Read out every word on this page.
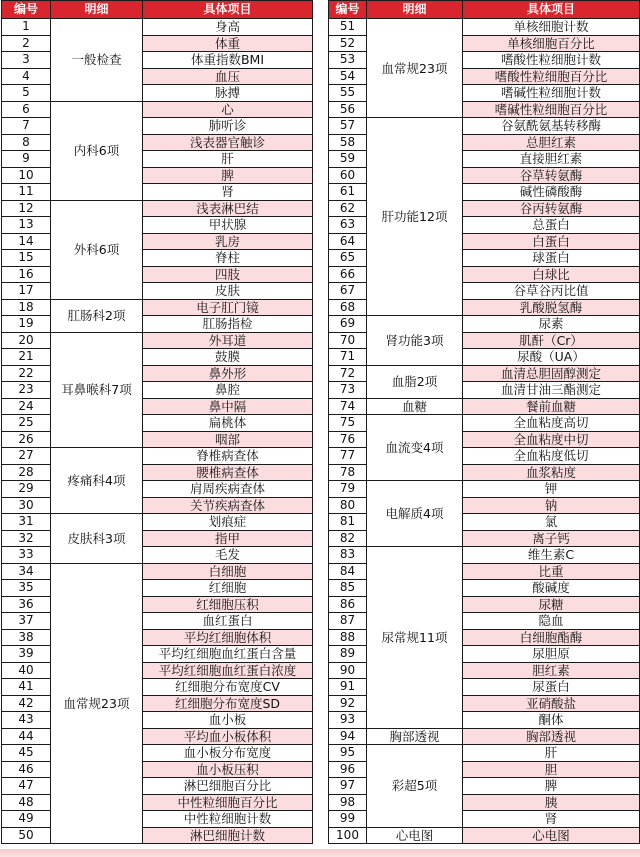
编号	明细	具体项目
1	一般检查	身高
2		体重
3		体重指数BMI
4		血压
5		脉搏
6	内科6项	心
7		肺听诊
8		浅表器官触诊
9		肝
10		脾
11		肾
12	外科6项	浅表淋巴结
13		甲状腺
14		乳房
15		脊柱
16		四肢
17		皮肤
18	肛肠科2项	电子肛门镜
19		肛肠指检
20	耳鼻喉科7项	外耳道
21		鼓膜
22		鼻外形
23		鼻腔
24		鼻中隔
25		扁桃体
26		咽部
27	疼痛科4项	脊椎病查体
28		腰椎病查体
29		肩周疾病查体
30		关节疾病查体
31	皮肤科3项	划痕症
32		指甲
33		毛发
34	血常规23项	白细胞
35		红细胞
36		红细胞压积
37		血红蛋白
38		平均红细胞体积
39		平均红细胞血红蛋白含量
40		平均红细胞血红蛋白浓度
41		红细胞分布宽度CV
42		红细胞分布宽度SD
43		血小板
44		平均血小板体积
45		血小板分布宽度
46		血小板压积
47		淋巴细胞百分比
48		中性粒细胞百分比
49		中性粒细胞计数
50		淋巴细胞计数
编号	明细	具体项目
51	血常规23项	单核细胞计数
52		单核细胞百分比
53		嗜酸性粒细胞计数
54		嗜酸性粒细胞百分比
55		嗜碱性粒细胞计数
56		嗜碱性粒细胞百分比
57	肝功能12项	谷氨酰氨基转移酶
58		总胆红素
59		直接胆红素
60		谷草转氨酶
61		碱性磷酸酶
62		谷丙转氨酶
63		总蛋白
64		白蛋白
65		球蛋白
66		白球比
67		谷草谷丙比值
68		乳酸脱氢酶
69	肾功能3项	尿素
70		肌酐（Cr）
71		尿酸（UA）
72	血脂2项	血清总胆固醇测定
73		血清甘油三酯测定
74	血糖	餐前血糖
75	血流变4项	全血粘度高切
76		全血粘度中切
77		全血粘度低切
78		血浆粘度
79	电解质4项	钾
80		钠
81		氯
82		离子钙
83	尿常规11项	维生素C
84		比重
85		酸碱度
86		尿糖
87		隐血
88		白细胞酯酶
89		尿胆原
90		胆红素
91		尿蛋白
92		亚硝酸盐
93		酮体
94	胸部透视	胸部透视
95	彩超5项	肝
96		胆
97		脾
98		胰
99		肾
100	心电图	心电图
